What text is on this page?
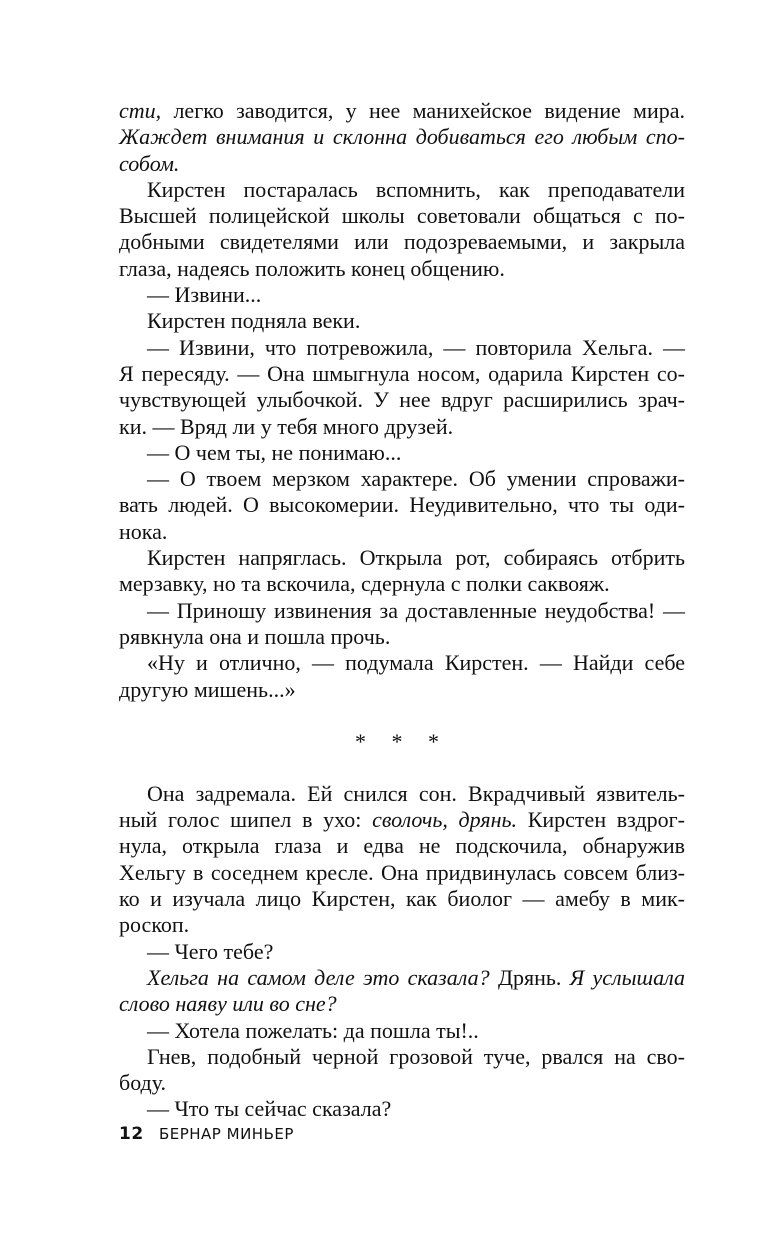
сти, легко заводится, у нее манихейское видение мира.
Жаждет внимания и склонна добиваться его любым спо-
собом.
Кирстен постаралась вспомнить, как преподаватели
Высшей полицейской школы советовали общаться с по-
добными свидетелями или подозреваемыми, и закрыла
глаза, надеясь положить конец общению.
— Извини...
Кирстен подняла веки.
— Извини, что потревожила, — повторила Хельга. —
Я пересяду. — Она шмыгнула носом, одарила Кирстен со-
чувствующей улыбочкой. У нее вдруг расширились зрач-
ки. — Вряд ли у тебя много друзей.
— О чем ты, не понимаю...
— О твоем мерзком характере. Об умении спроважи-
вать людей. О высокомерии. Неудивительно, что ты оди-
нока.
Кирстен напряглась. Открыла рот, собираясь отбрить
мерзавку, но та вскочила, сдернула с полки саквояж.
— Приношу извинения за доставленные неудобства! —
рявкнула она и пошла прочь.
«Ну и отлично, — подумала Кирстен. — Найди себе
другую мишень...»
* * *
Она задремала. Ей снился сон. Вкрадчивый язвитель-
ный голос шипел в ухо: сволочь, дрянь. Кирстен вздрог-
нула, открыла глаза и едва не подскочила, обнаружив
Хельгу в соседнем кресле. Она придвинулась совсем близ-
ко и изучала лицо Кирстен, как биолог — амебу в мик-
роскоп.
— Чего тебе?
Хельга на самом деле это сказала? Дрянь. Я услышала
слово наяву или во сне?
— Хотела пожелать: да пошла ты!..
Гнев, подобный черной грозовой туче, рвался на сво-
боду.
— Что ты сейчас сказала?
12 БЕРНАР МИНЬЕР
